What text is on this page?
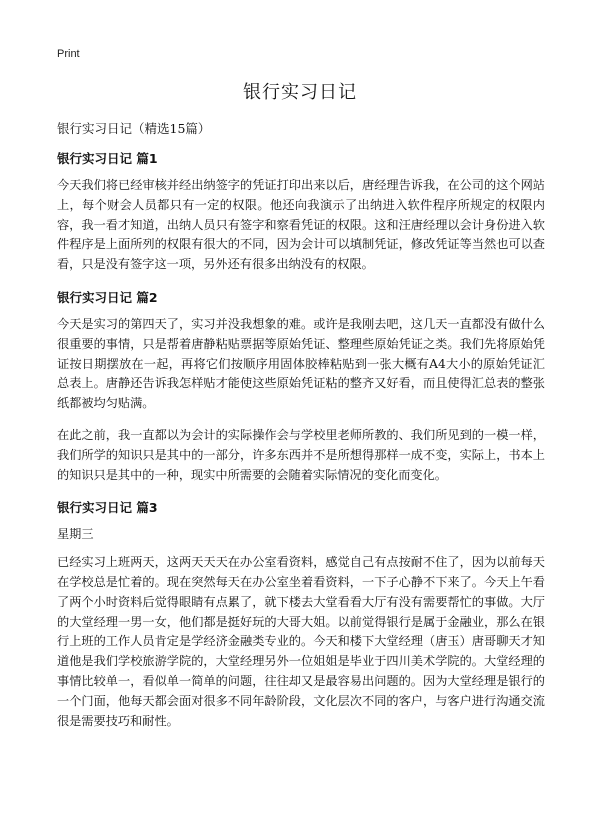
Print
银行实习日记

银行实习日记（精选15篇）

银行实习日记 篇1

今天我们将已经审核并经出纳签字的凭证打印出来以后，唐经理告诉我，在公司的这个网站上，每个财会人员都只有一定的权限。他还向我演示了出纳进入软件程序所规定的权限内容，我一看才知道，出纳人员只有签字和察看凭证的权限。这和汪唐经理以会计身份进入软件程序是上面所列的权限有很大的不同，因为会计可以填制凭证，修改凭证等当然也可以查看，只是没有签字这一项，另外还有很多出纳没有的权限。

银行实习日记 篇2

今天是实习的第四天了，实习并没我想象的难。或许是我刚去吧，这几天一直都没有做什么很重要的事情，只是帮着唐静粘贴票据等原始凭证、整理些原始凭证之类。我们先将原始凭证按日期摆放在一起，再将它们按顺序用固体胶棒粘贴到一张大概有A4大小的原始凭证汇总表上。唐静还告诉我怎样贴才能使这些原始凭证粘的整齐又好看，而且使得汇总表的整张纸都被均匀贴满。

在此之前，我一直都以为会计的实际操作会与学校里老师所教的、我们所见到的一模一样，我们所学的知识只是其中的一部分，许多东西并不是所想得那样一成不变，实际上，书本上的知识只是其中的一种，现实中所需要的会随着实际情况的变化而变化。

银行实习日记 篇3

星期三

已经实习上班两天，这两天天天在办公室看资料，感觉自己有点按耐不住了，因为以前每天在学校总是忙着的。现在突然每天在办公室坐着看资料，一下子心静不下来了。今天上午看了两个小时资料后觉得眼睛有点累了，就下楼去大堂看看大厅有没有需要帮忙的事做。大厅的大堂经理一男一女，他们都是挺好玩的大哥大姐。以前觉得银行是属于金融业，那么在银行上班的工作人员肯定是学经济金融类专业的。今天和楼下大堂经理（唐玉）唐哥聊天才知道他是我们学校旅游学院的，大堂经理另外一位姐姐是毕业于四川美术学院的。大堂经理的事情比较单一，看似单一简单的问题，往往却又是最容易出问题的。因为大堂经理是银行的一个门面，他每天都会面对很多不同年龄阶段，文化层次不同的客户，与客户进行沟通交流很是需要技巧和耐性。
